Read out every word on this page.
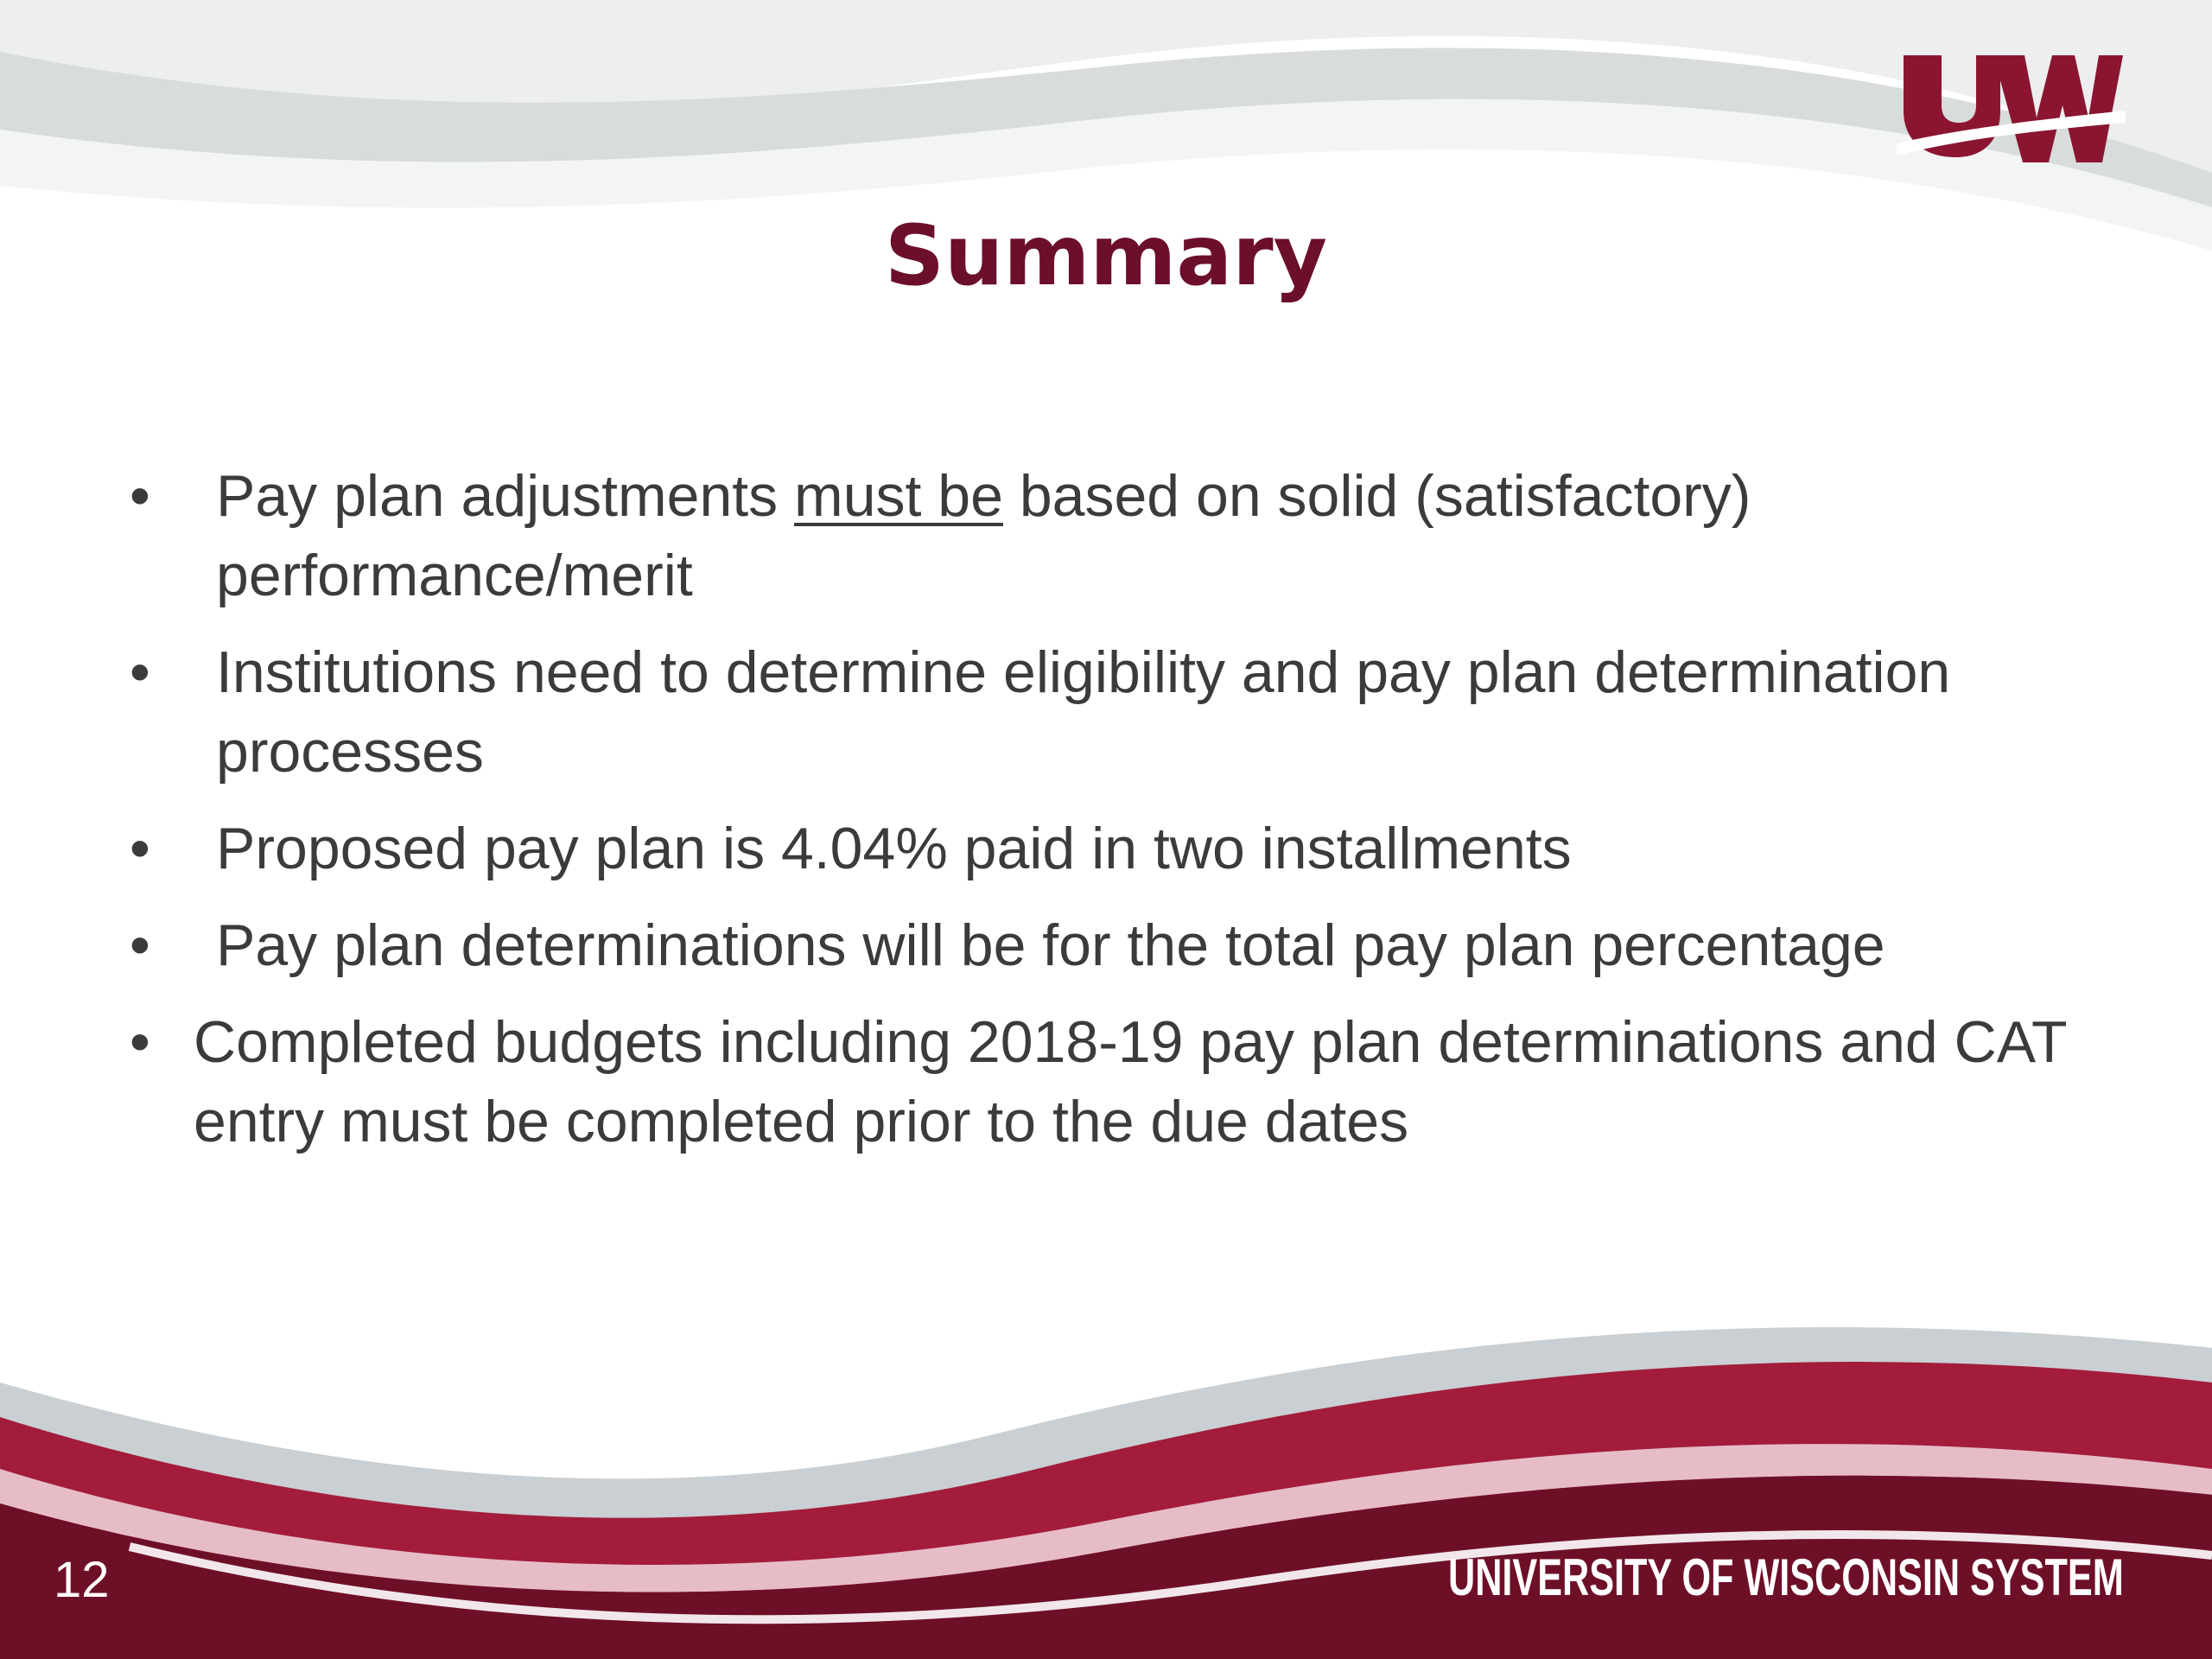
Summary
• Pay plan adjustments must be based on solid (satisfactory) performance/merit
• Institutions need to determine eligibility and pay plan determination processes
• Proposed pay plan is 4.04% paid in two installments
• Pay plan determinations will be for the total pay plan percentage
• Completed budgets including 2018-19 pay plan determinations and CAT entry must be completed prior to the due dates
12	UNIVERSITY OF WISCONSIN SYSTEM
